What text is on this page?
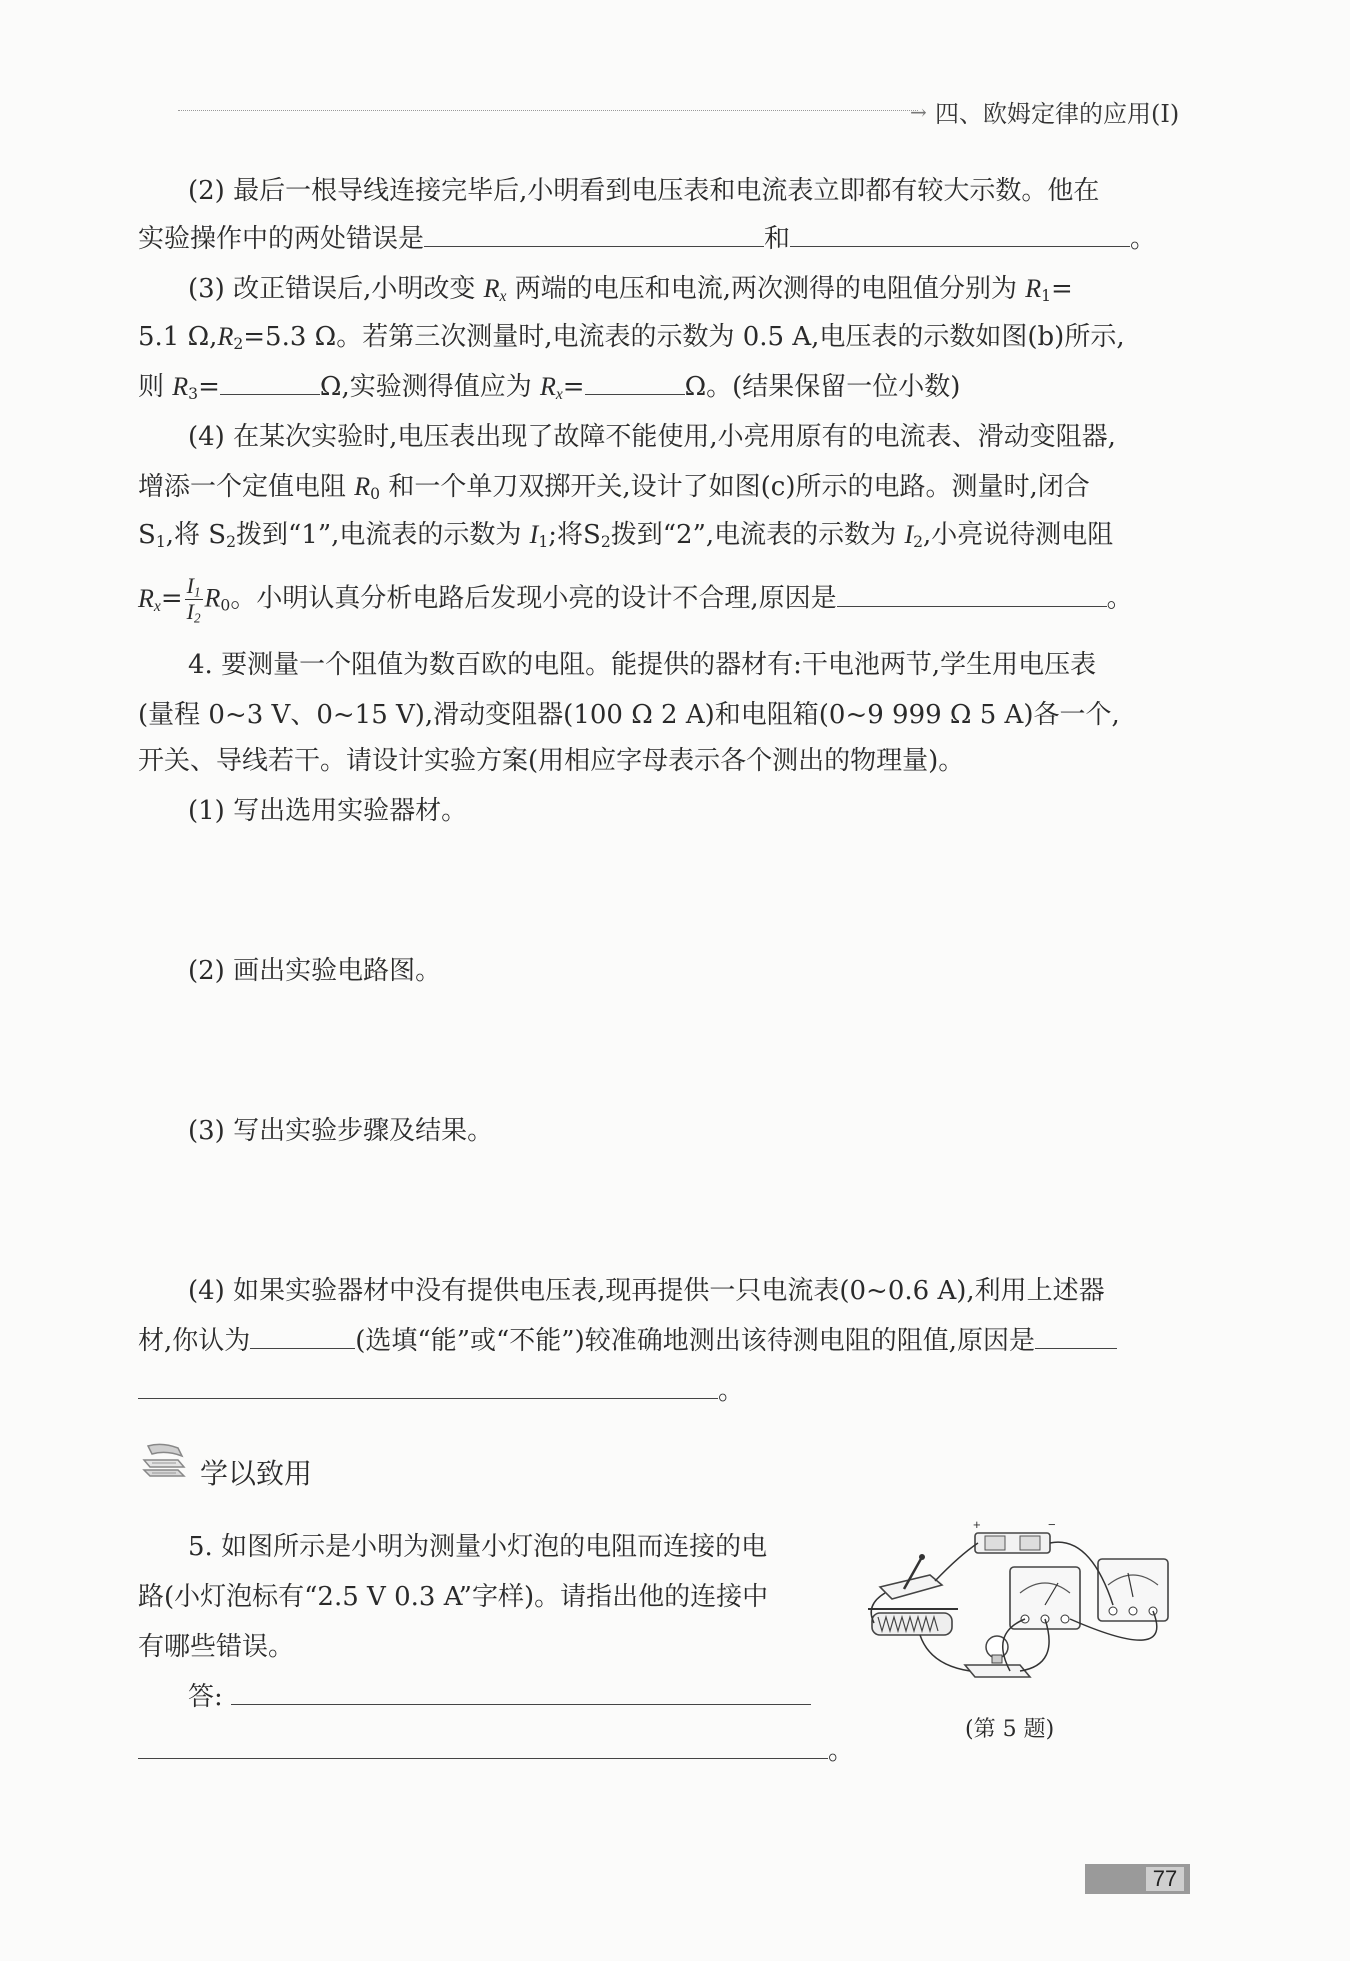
→ 四、欧姆定律的应用(Ⅰ)
(2) 最后一根导线连接完毕后,小明看到电压表和电流表立即都有较大示数。他在
实验操作中的两处错误是	和	。
(3) 改正错误后,小明改变 $R_x$ 两端的电压和电流,两次测得的电阻值分别为 $R_1=$
5.1 $\Omega,R_2=5.3$ Ω。若第三次测量时,电流表的示数为 0.5 A,电压表的示数如图(b)所示,
则 $R_3=$	Ω,实验测得值应为 $R_x=$	Ω。(结果保留一位小数)
(4) 在某次实验时,电压表出现了故障不能使用,小亮用原有的电流表、滑动变阻器,
增添一个定值电阻 $R_0$ 和一个单刀双掷开关,设计了如图(c)所示的电路。测量时,闭合
$S_1$,将 $S_2$拨到“1”,电流表的示数为 $I_1$;将$S_2$拨到“2”,电流表的示数为 $I_2$,小亮说待测电阻
$R_x= \frac{I_1}{I_2} R_0$。小明认真分析电路后发现小亮的设计不合理,原因是	。
4. 要测量一个阻值为数百欧的电阻。能提供的器材有:干电池两节,学生用电压表
(量程 0~3 V、0~15 V),滑动变阻器(100 Ω 2 A)和电阻箱(0~9 999 Ω 5 A)各一个,
开关、导线若干。请设计实验方案(用相应字母表示各个测出的物理量)。
(1) 写出选用实验器材。
(2) 画出实验电路图。
(3) 写出实验步骤及结果。
(4) 如果实验器材中没有提供电压表,现再提供一只电流表(0~0.6 A),利用上述器
材,你认为	(选填“能”或“不能”)较准确地测出该待测电阻的阻值,原因是
。
学以致用
5. 如图所示是小明为测量小灯泡的电阻而连接的电
路(小灯泡标有“2.5 V 0.3 A”字样)。请指出他的连接中
有哪些错误。
答:
。
+	−
(第 5 题)
77
